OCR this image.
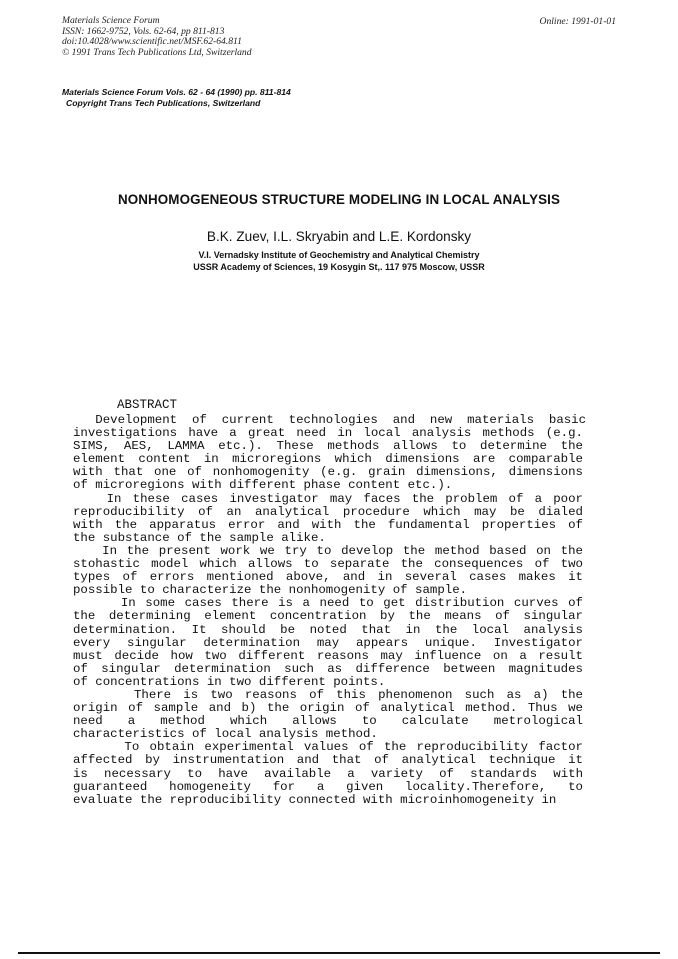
Materials Science Forum
ISSN: 1662-9752, Vols. 62-64, pp 811-813
doi:10.4028/www.scientific.net/MSF.62-64.811
© 1991 Trans Tech Publications Ltd, Switzerland
Online: 1991-01-01
Materials Science Forum Vols. 62 - 64 (1990) pp. 811-814
Copyright Trans Tech Publications, Switzerland
NONHOMOGENEOUS STRUCTURE MODELING IN LOCAL ANALYSIS
B.K. Zuev, I.L. Skryabin and L.E. Kordonsky
V.I. Vernadsky Institute of Geochemistry and Analytical Chemistry
USSR Academy of Sciences, 19 Kosygin St,. 117 975 Moscow, USSR
ABSTRACT
Development  of  current  technologies  and  new  materials  basic
investigations have a great need in local analysis methods (e.g.
SIMS, AES, LAMMA etc.). These methods allows to determine the
element content in microregions which dimensions are comparable
with that one of nonhomogenity (e.g. grain dimensions, dimensions
of microregions with different phase content etc.).
In these cases investigator may faces the problem of a poor
reproducibility of an analytical procedure which may be dialed
with the apparatus error and with the fundamental properties of
the substance of the sample alike.
In the present work we try to develop the method based on the
stohastic model which allows to separate the consequences of two
types of errors mentioned above, and in several cases makes it
possible to characterize the nonhomogenity of sample.
In some cases there is a need to get distribution curves of
the determining element concentration by the means of singular
determination. It should be noted that in the local analysis
every singular determination may appears unique. Investigator
must decide how two different reasons may influence on a result
of singular determination such as difference between magnitudes
of concentrations in two different points.
There is two reasons of this phenomenon such as a) the
origin of sample and b) the origin of analytical method. Thus we
need  a  method  which  allows  to  calculate  metrological
characteristics of local analysis method.
To obtain experimental values of the reproducibility factor
affected by instrumentation and that of analytical technique it
is necessary to have available a variety of standards with
guaranteed homogeneity for a given locality.Therefore, to
evaluate the reproducibility connected with microinhomogeneity in
